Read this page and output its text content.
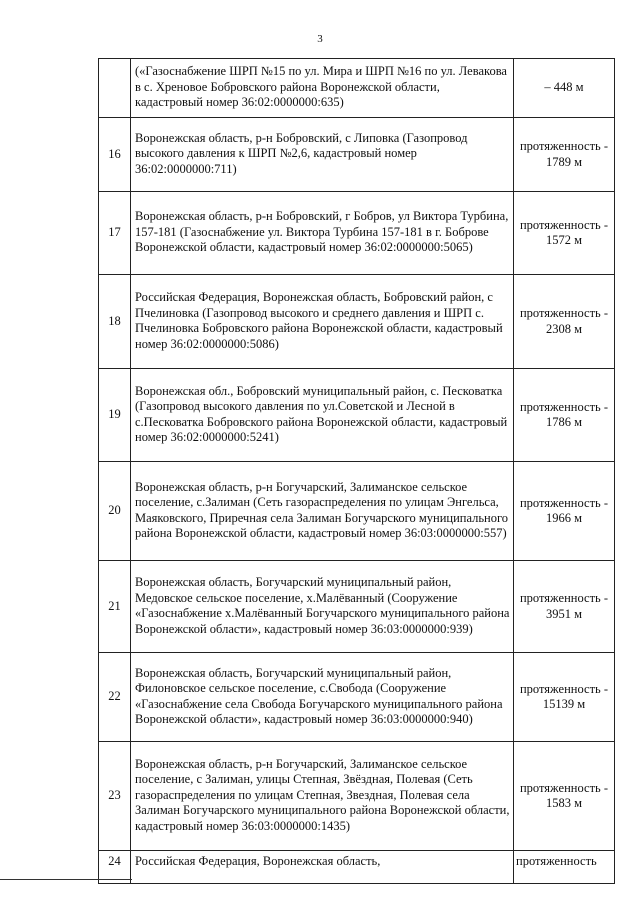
3
	(«Газоснабжение ШРП №15 по ул. Мира и ШРП №16 по ул. Левакова в с. Хреновое Бобровского района Воронежской области, кадастровый номер 36:02:0000000:635)	– 448 м
16	Воронежская область, р-н Бобровский, с Липовка (Газопровод высокого давления к ШРП №2,6, кадастровый номер 36:02:0000000:711)	протяженность - 1789 м
17	Воронежская область, р-н Бобровский, г Бобров, ул Виктора Турбина, 157-181 (Газоснабжение ул. Виктора Турбина 157-181 в г. Боброве Воронежской области, кадастровый номер 36:02:0000000:5065)	протяженность - 1572 м
18	Российская Федерация, Воронежская область, Бобровский район, с Пчелиновка (Газопровод высокого и среднего давления и ШРП с. Пчелиновка Бобровского района Воронежской области, кадастровый номер 36:02:0000000:5086)	протяженность - 2308 м
19	Воронежская обл., Бобровский муниципальный район, с. Песковатка (Газопровод высокого давления по ул.Советской и Лесной в с.Песковатка Бобровского района Воронежской области, кадастровый номер 36:02:0000000:5241)	протяженность - 1786 м
20	Воронежская область, р-н Богучарский, Залиманское сельское поселение, с.Залиман (Сеть газораспределения по улицам Энгельса, Маяковского, Приречная села Залиман Богучарского муниципального района Воронежской области, кадастровый номер 36:03:0000000:557)	протяженность - 1966 м
21	Воронежская область, Богучарский муниципальный район, Медовское сельское поселение, х.Малёванный (Сооружение «Газоснабжение х.Малёванный Богучарского муниципального района Воронежской области», кадастровый номер 36:03:0000000:939)	протяженность - 3951 м
22	Воронежская область, Богучарский муниципальный район, Филоновское сельское поселение, с.Свобода (Сооружение «Газоснабжение села Свобода Богучарского муниципального района Воронежской области», кадастровый номер 36:03:0000000:940)	протяженность - 15139 м
23	Воронежская область, р-н Богучарский, Залиманское сельское поселение, с Залиман, улицы Степная, Звёздная, Полевая (Сеть газораспределения по улицам Степная, Звездная, Полевая села Залиман Богучарского муниципального района Воронежской области, кадастровый номер 36:03:0000000:1435)	протяженность - 1583 м
24	Российская Федерация, Воронежская область,	протяженность
